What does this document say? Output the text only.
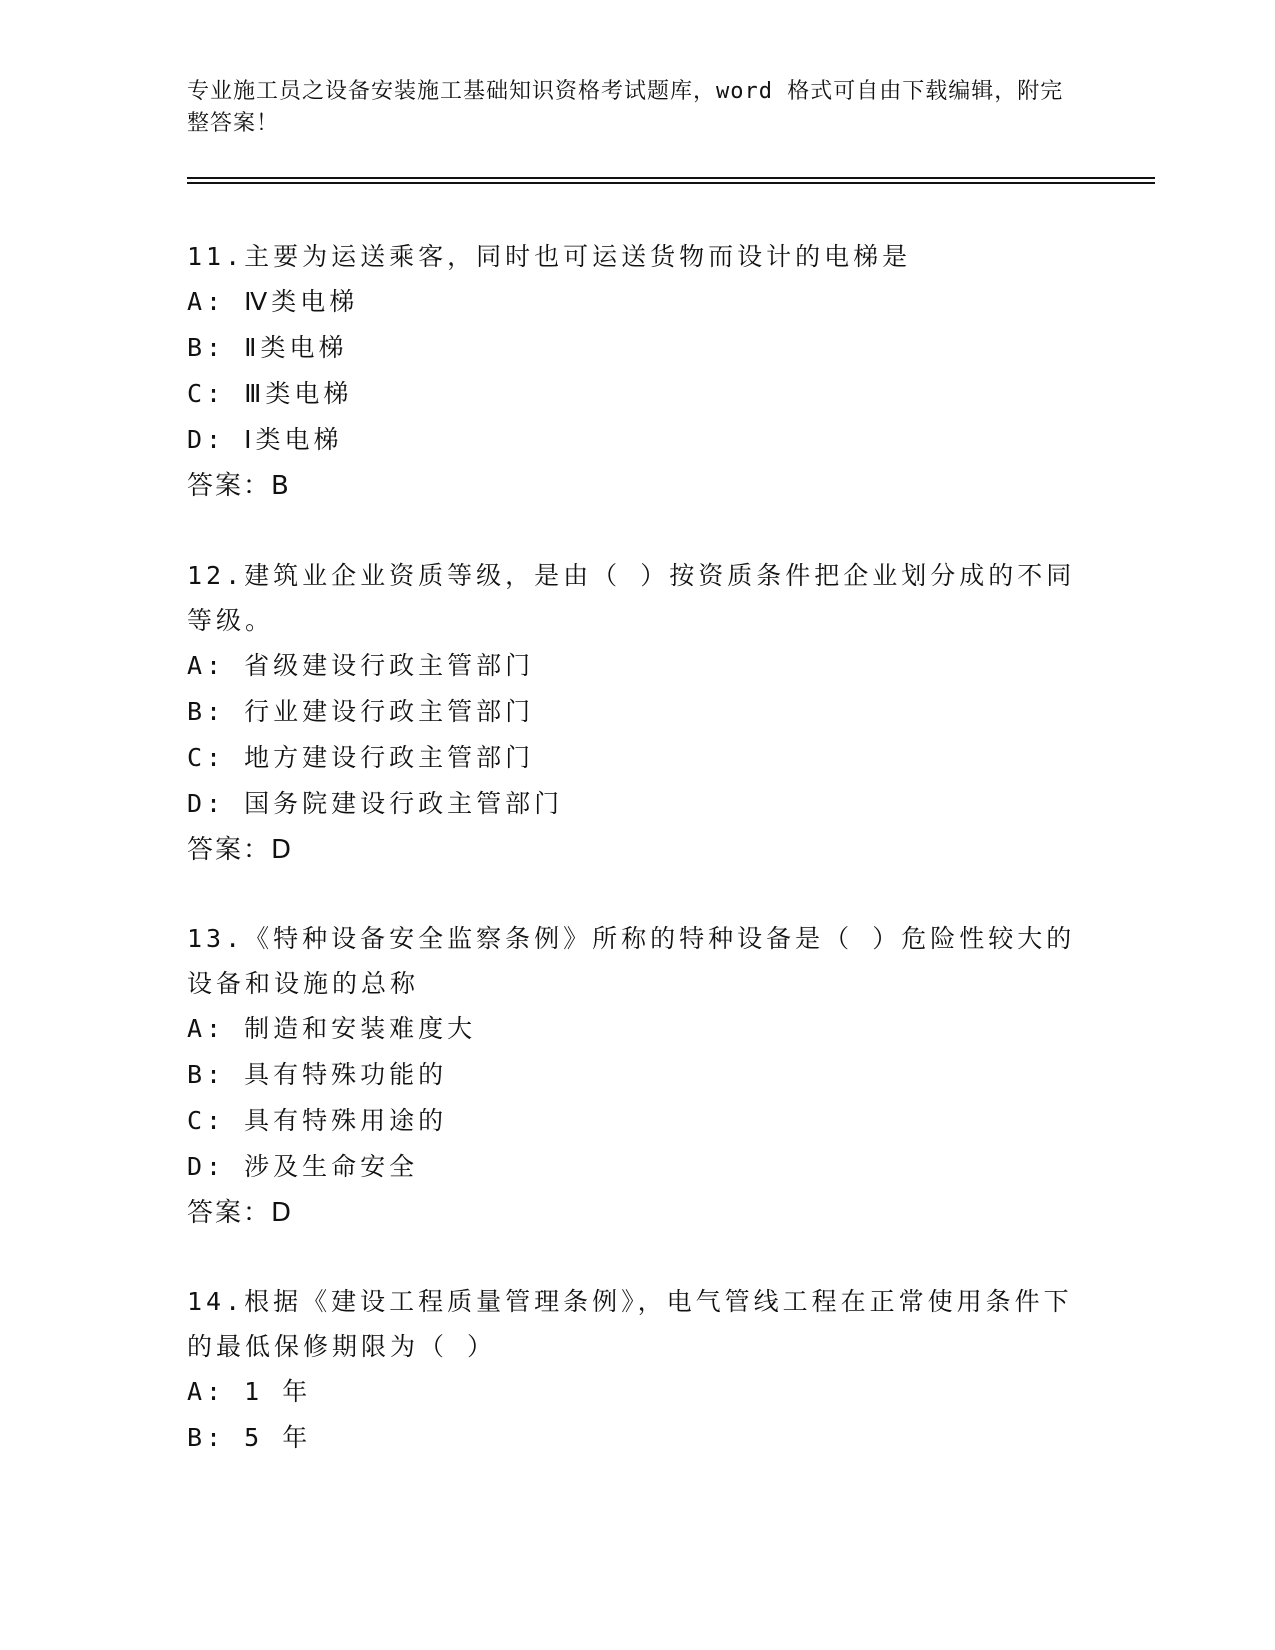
专业施工员之设备安装施工基础知识资格考试题库，word 格式可自由下载编辑，附完整答案！

11.主要为运送乘客，同时也可运送货物而设计的电梯是

A: Ⅳ类电梯

B: Ⅱ类电梯

C: Ⅲ类电梯

D: Ⅰ类电梯

答案：B

12.建筑业企业资质等级，是由（ ）按资质条件把企业划分成的不同等级。

A: 省级建设行政主管部门

B: 行业建设行政主管部门

C: 地方建设行政主管部门

D: 国务院建设行政主管部门

答案：D

13.《特种设备安全监察条例》所称的特种设备是（ ）危险性较大的设备和设施的总称

A: 制造和安装难度大

B: 具有特殊功能的

C: 具有特殊用途的

D: 涉及生命安全

答案：D

14.根据《建设工程质量管理条例》，电气管线工程在正常使用条件下的最低保修期限为（ ）

A: 1 年

B: 5 年
